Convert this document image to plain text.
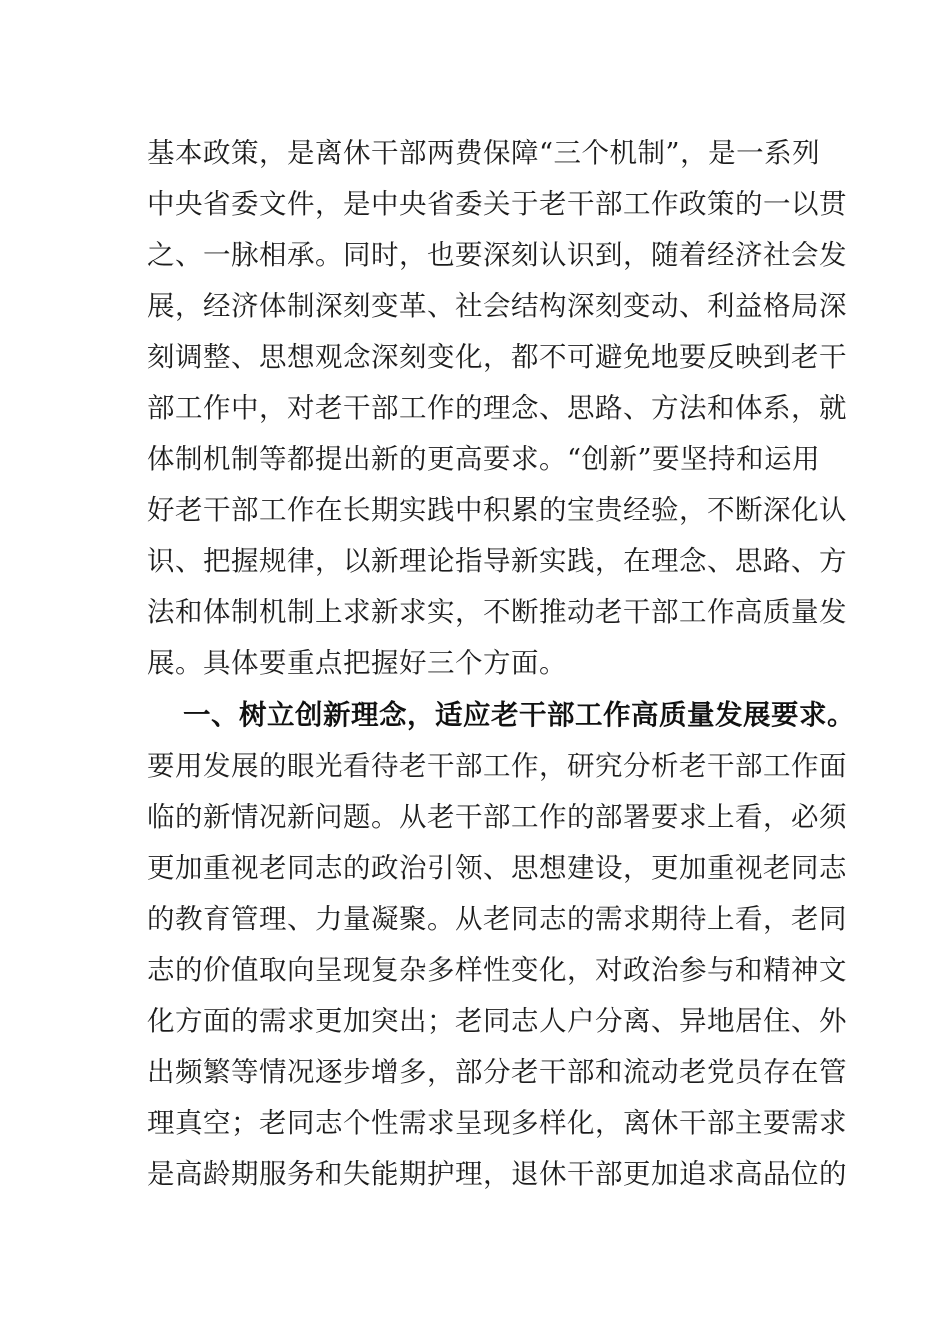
基本政策，是离休干部两费保障“三个机制”，是一系列
中央省委文件，是中央省委关于老干部工作政策的一以贯
之、一脉相承。同时，也要深刻认识到，随着经济社会发
展，经济体制深刻变革、社会结构深刻变动、利益格局深
刻调整、思想观念深刻变化，都不可避免地要反映到老干
部工作中，对老干部工作的理念、思路、方法和体系，就
体制机制等都提出新的更高要求。“创新”要坚持和运用
好老干部工作在长期实践中积累的宝贵经验，不断深化认
识、把握规律，以新理论指导新实践，在理念、思路、方
法和体制机制上求新求实，不断推动老干部工作高质量发
展。具体要重点把握好三个方面。
一、树立创新理念，适应老干部工作高质量发展要求。
要用发展的眼光看待老干部工作，研究分析老干部工作面
临的新情况新问题。从老干部工作的部署要求上看，必须
更加重视老同志的政治引领、思想建设，更加重视老同志
的教育管理、力量凝聚。从老同志的需求期待上看，老同
志的价值取向呈现复杂多样性变化，对政治参与和精神文
化方面的需求更加突出；老同志人户分离、异地居住、外
出频繁等情况逐步增多，部分老干部和流动老党员存在管
理真空；老同志个性需求呈现多样化，离休干部主要需求
是高龄期服务和失能期护理，退休干部更加追求高品位的
